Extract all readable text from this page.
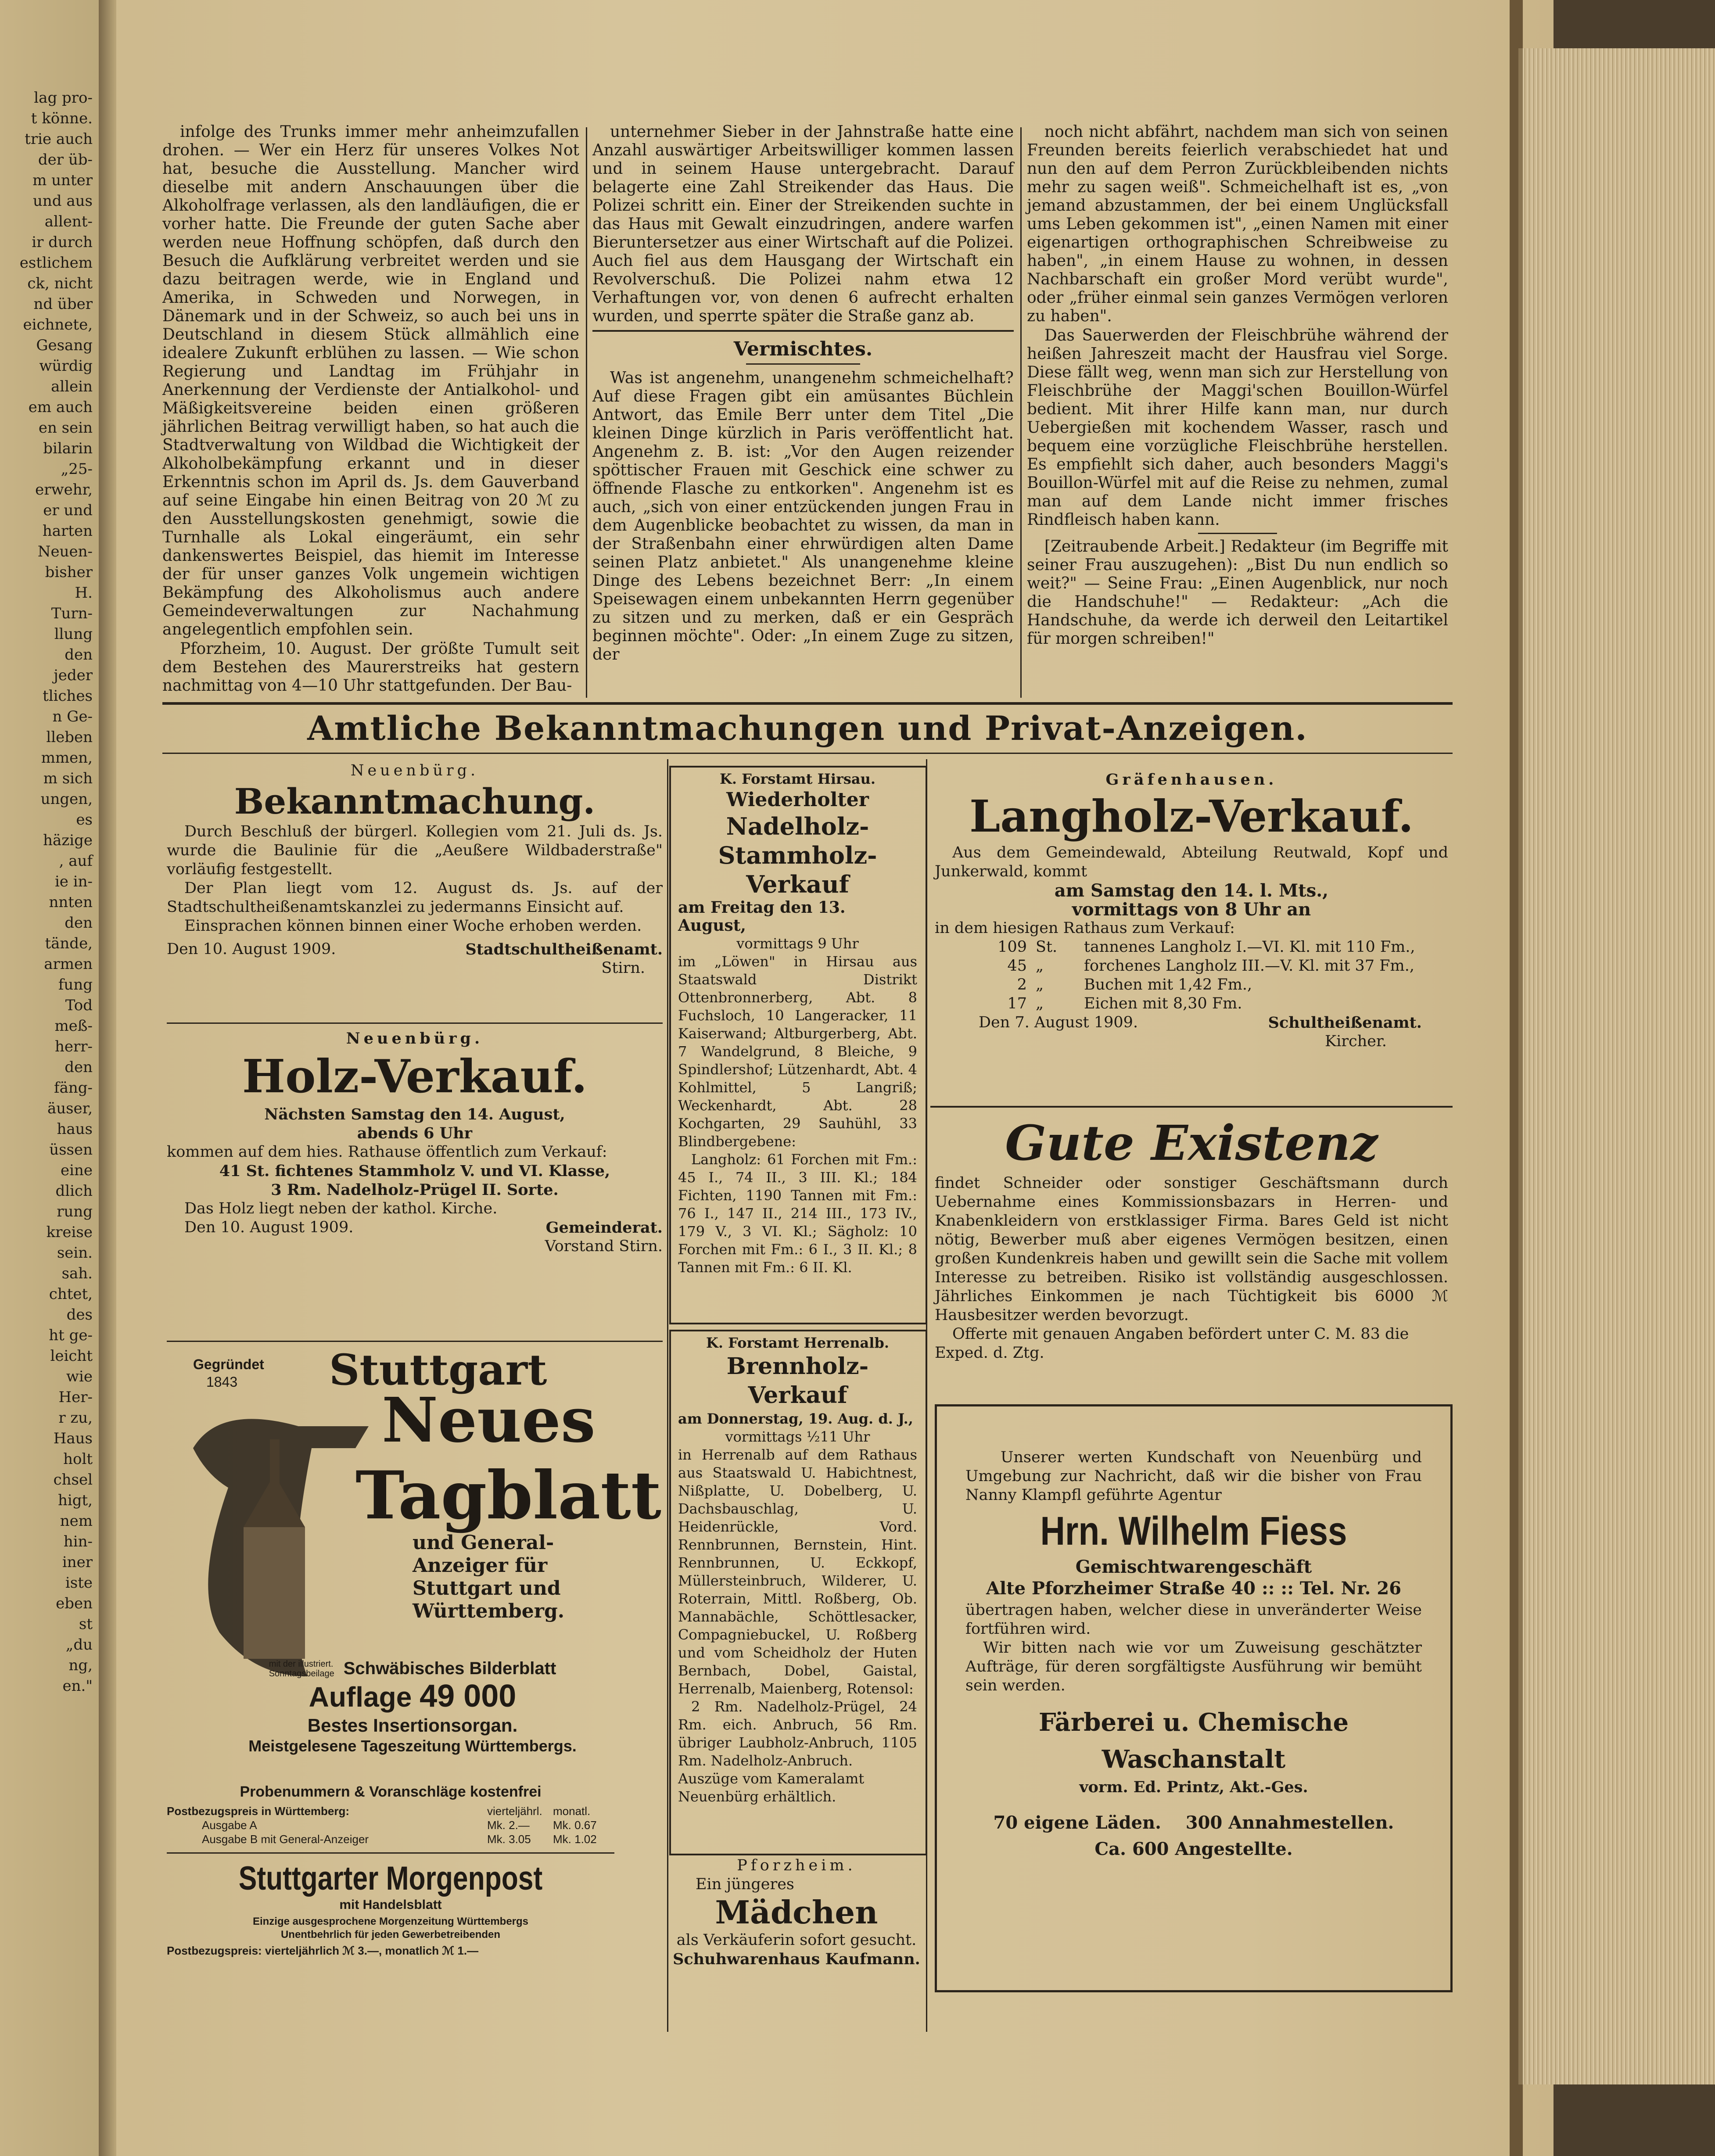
lag pro-

t könne.

trie auch

der üb-

m unter

und aus

allent-

ir durch

estlichem

ck, nicht

nd über

eichnete,

Gesang

würdig

allein

em auch

en sein

bilarin

„25-

erwehr,

er und

harten

Neuen-

bisher

H.

Turn-

llung

den

jeder

tliches

n Ge-

lleben

mmen,

m sich

ungen,

es

häzige

, auf

ie in-

nnten

den

tände,

armen

fung

Tod

meß-

herr-

den

fäng-

äuser,

haus

üssen

eine

dlich

rung

kreise

sein.

sah.

chtet,

des

ht ge-

leicht

wie

Her-

r zu,

Haus

holt

chsel

higt,

nem

hin-

iner

iste

eben

st

„du

ng,

en."

infolge des Trunks immer mehr anheimzufallen drohen. — Wer ein Herz für unseres Volkes Not hat, besuche die Ausstellung. Mancher wird dieselbe mit andern Anschauungen über die Alkoholfrage verlassen, als den landläufigen, die er vorher hatte. Die Freunde der guten Sache aber werden neue Hoffnung schöpfen, daß durch den Besuch die Aufklärung verbreitet werden und sie dazu beitragen werde, wie in England und Amerika, in Schweden und Norwegen, in Dänemark und in der Schweiz, so auch bei uns in Deutschland in diesem Stück allmählich eine idealere Zukunft erblühen zu lassen. — Wie schon Regierung und Landtag im Frühjahr in Anerkennung der Verdienste der Antialkohol- und Mäßigkeitsvereine beiden einen größeren jährlichen Beitrag verwilligt haben, so hat auch die Stadtverwaltung von Wildbad die Wichtigkeit der Alkoholbekämpfung erkannt und in dieser Erkenntnis schon im April ds. Js. dem Gauverband auf seine Eingabe hin einen Beitrag von 20 ℳ zu den Ausstellungskosten genehmigt, sowie die Turnhalle als Lokal eingeräumt, ein sehr dankenswertes Beispiel, das hiemit im Interesse der für unser ganzes Volk ungemein wichtigen Bekämpfung des Alkoholismus auch andere Gemeindeverwaltungen zur Nachahmung angelegentlich empfohlen sein.

Pforzheim, 10. August. Der größte Tumult seit dem Bestehen des Maurerstreiks hat gestern nachmittag von 4—10 Uhr stattgefunden. Der Bau-

unternehmer Sieber in der Jahnstraße hatte eine Anzahl auswärtiger Arbeitswilliger kommen lassen und in seinem Hause untergebracht. Darauf belagerte eine Zahl Streikender das Haus. Die Polizei schritt ein. Einer der Streikenden suchte in das Haus mit Gewalt einzudringen, andere warfen Bieruntersetzer aus einer Wirtschaft auf die Polizei. Auch fiel aus dem Hausgang der Wirtschaft ein Revolverschuß. Die Polizei nahm etwa 12 Verhaftungen vor, von denen 6 aufrecht erhalten wurden, und sperrte später die Straße ganz ab.

Vermischtes.

Was ist angenehm, unangenehm schmeichelhaft? Auf diese Fragen gibt ein amüsantes Büchlein Antwort, das Emile Berr unter dem Titel „Die kleinen Dinge kürzlich in Paris veröffentlicht hat. Angenehm z. B. ist: „Vor den Augen reizender spöttischer Frauen mit Geschick eine schwer zu öffnende Flasche zu entkorken". Angenehm ist es auch, „sich von einer entzückenden jungen Frau in dem Augenblicke beobachtet zu wissen, da man in der Straßenbahn einer ehrwürdigen alten Dame seinen Platz anbietet." Als unangenehme kleine Dinge des Lebens bezeichnet Berr: „In einem Speisewagen einem unbekannten Herrn gegenüber zu sitzen und zu merken, daß er ein Gespräch beginnen möchte". Oder: „In einem Zuge zu sitzen, der

noch nicht abfährt, nachdem man sich von seinen Freunden bereits feierlich verabschiedet hat und nun den auf dem Perron Zurückbleibenden nichts mehr zu sagen weiß". Schmeichelhaft ist es, „von jemand abzustammen, der bei einem Unglücksfall ums Leben gekommen ist", „einen Namen mit einer eigenartigen orthographischen Schreibweise zu haben", „in einem Hause zu wohnen, in dessen Nachbarschaft ein großer Mord verübt wurde", oder „früher einmal sein ganzes Vermögen verloren zu haben".

Das Sauerwerden der Fleischbrühe während der heißen Jahreszeit macht der Hausfrau viel Sorge. Diese fällt weg, wenn man sich zur Herstellung von Fleischbrühe der Maggi'schen Bouillon-Würfel bedient. Mit ihrer Hilfe kann man, nur durch Uebergießen mit kochendem Wasser, rasch und bequem eine vorzügliche Fleischbrühe herstellen. Es empfiehlt sich daher, auch besonders Maggi's Bouillon-Würfel mit auf die Reise zu nehmen, zumal man auf dem Lande nicht immer frisches Rindfleisch haben kann.

[Zeitraubende Arbeit.] Redakteur (im Begriffe mit seiner Frau auszugehen): „Bist Du nun endlich so weit?" — Seine Frau: „Einen Augenblick, nur noch die Handschuhe!" — Redakteur: „Ach die Handschuhe, da werde ich derweil den Leitartikel für morgen schreiben!"

Amtliche Bekanntmachungen und Privat-Anzeigen.

Neuenbürg.

Bekanntmachung.

Durch Beschluß der bürgerl. Kollegien vom 21. Juli ds. Js. wurde die Baulinie für die „Aeußere Wildbaderstraße" vorläufig festgestellt.

Der Plan liegt vom 12. August ds. Js. auf der Stadtschultheißenamtskanzlei zu jedermanns Einsicht auf.

Einsprachen können binnen einer Woche erhoben werden.

Den 10. August 1909.	Stadtschultheißenamt.

Stirn.

Neuenbürg.

Holz-Verkauf.

Nächsten Samstag den 14. August,

abends 6 Uhr

kommen auf dem hies. Rathause öffentlich zum Verkauf:

41 St. fichtenes Stammholz V. und VI. Klasse,

3 Rm. Nadelholz-Prügel II. Sorte.

Das Holz liegt neben der kathol. Kirche.

Den 10. August 1909.	Gemeinderat.

Vorstand Stirn.

Gegründet
1843 Stuttgart
Neues
Tagblatt
und General-Anzeiger für Stuttgart und Württemberg.
mit der illustriert. Sonntagsbeilage Schwäbisches Bilderblatt
Auflage 49 000
Bestes Insertionsorgan.
Meistgelesene Tageszeitung Württembergs.
Probenummern & Voranschläge kostenfrei
Postbezugspreis in Württemberg:	vierteljährl. monatl.
Ausgabe A	Mk. 2.—	Mk. 0.67
Ausgabe B mit General-Anzeiger	Mk. 3.05	Mk. 1.02
Stuttgarter Morgenpost
mit Handelsblatt
Einzige ausgesprochene Morgenzeitung Württembergs
Unentbehrlich für jeden Gewerbetreibenden
Postbezugspreis: vierteljährlich ℳ 3.—, monatlich ℳ 1.—

K. Forstamt Hirsau.

Wiederholter

Nadelholz-Stammholz-Verkauf

am Freitag den 13. August,

vormittags 9 Uhr

im „Löwen" in Hirsau aus Staatswald Distrikt Ottenbronnerberg, Abt. 8 Fuchsloch, 10 Langeracker, 11 Kaiserwand; Altburgerberg, Abt. 7 Wandelgrund, 8 Bleiche, 9 Spindlershof; Lützenhardt, Abt. 4 Kohlmittel, 5 Langriß; Weckenhardt, Abt. 28 Kochgarten, 29 Sauhühl, 33 Blindbergebene:

Langholz: 61 Forchen mit Fm.: 45 I., 74 II., 3 III. Kl.; 184 Fichten, 1190 Tannen mit Fm.: 76 I., 147 II., 214 III., 173 IV., 179 V., 3 VI. Kl.; Sägholz: 10 Forchen mit Fm.: 6 I., 3 II. Kl.; 8 Tannen mit Fm.: 6 II. Kl.

K. Forstamt Herrenalb.

Brennholz-Verkauf

am Donnerstag, 19. Aug. d. J.,

vormittags ½11 Uhr

in Herrenalb auf dem Rathaus aus Staatswald U. Habichtnest, Nißplatte, U. Dobelberg, U. Dachsbauschlag, U. Heidenrückle, Vord. Rennbrunnen, Bernstein, Hint. Rennbrunnen, U. Eckkopf, Müllersteinbruch, Wilderer, U. Roterrain, Mittl. Roßberg, Ob. Mannabächle, Schöttlesacker, Compagniebuckel, U. Roßberg und vom Scheidholz der Huten Bernbach, Dobel, Gaistal, Herrenalb, Maienberg, Rotensol:

2 Rm. Nadelholz-Prügel, 24 Rm. eich. Anbruch, 56 Rm. übriger Laubholz-Anbruch, 1105 Rm. Nadelholz-Anbruch.

Auszüge vom Kameralamt Neuenbürg erhältlich.

Pforzheim.

Ein jüngeres

Mädchen

als Verkäuferin sofort gesucht.

Schuhwarenhaus Kaufmann.

Gräfenhausen.

Langholz-Verkauf.

Aus dem Gemeindewald, Abteilung Reutwald, Kopf und Junkerwald, kommt

am Samstag den 14. l. Mts.,

vormittags von 8 Uhr an

in dem hiesigen Rathaus zum Verkauf:

109 St.	tannenes Langholz I.—VI. Kl. mit 110 Fm.,
45 „	forchenes Langholz III.—V. Kl. mit 37 Fm.,
2 „	Buchen mit 1,42 Fm.,
17 „	Eichen mit 8,30 Fm.
Den 7. August 1909.	Schultheißenamt.

Kircher.

Gute Existenz

findet Schneider oder sonstiger Geschäftsmann durch Uebernahme eines Kommissionsbazars in Herren- und Knabenkleidern von erstklassiger Firma. Bares Geld ist nicht nötig, Bewerber muß aber eigenes Vermögen besitzen, einen großen Kundenkreis haben und gewillt sein die Sache mit vollem Interesse zu betreiben. Risiko ist vollständig ausgeschlossen. Jährliches Einkommen je nach Tüchtigkeit bis 6000 ℳ Hausbesitzer werden bevorzugt.

Offerte mit genauen Angaben befördert unter C. M. 83 die Exped. d. Ztg.

Unserer werten Kundschaft von Neuenbürg und Umgebung zur Nachricht, daß wir die bisher von Frau Nanny Klampfl geführte Agentur

Hrn. Wilhelm Fiess

Gemischtwarengeschäft

Alte Pforzheimer Straße 40 :: :: Tel. Nr. 26

übertragen haben, welcher diese in unveränderter Weise fortführen wird.

Wir bitten nach wie vor um Zuweisung geschätzter Aufträge, für deren sorgfältigste Ausführung wir bemüht sein werden.

Färberei u. Chemische Waschanstalt

vorm. Ed. Printz, Akt.-Ges.

70 eigene Läden.    300 Annahmestellen.

Ca. 600 Angestellte.
